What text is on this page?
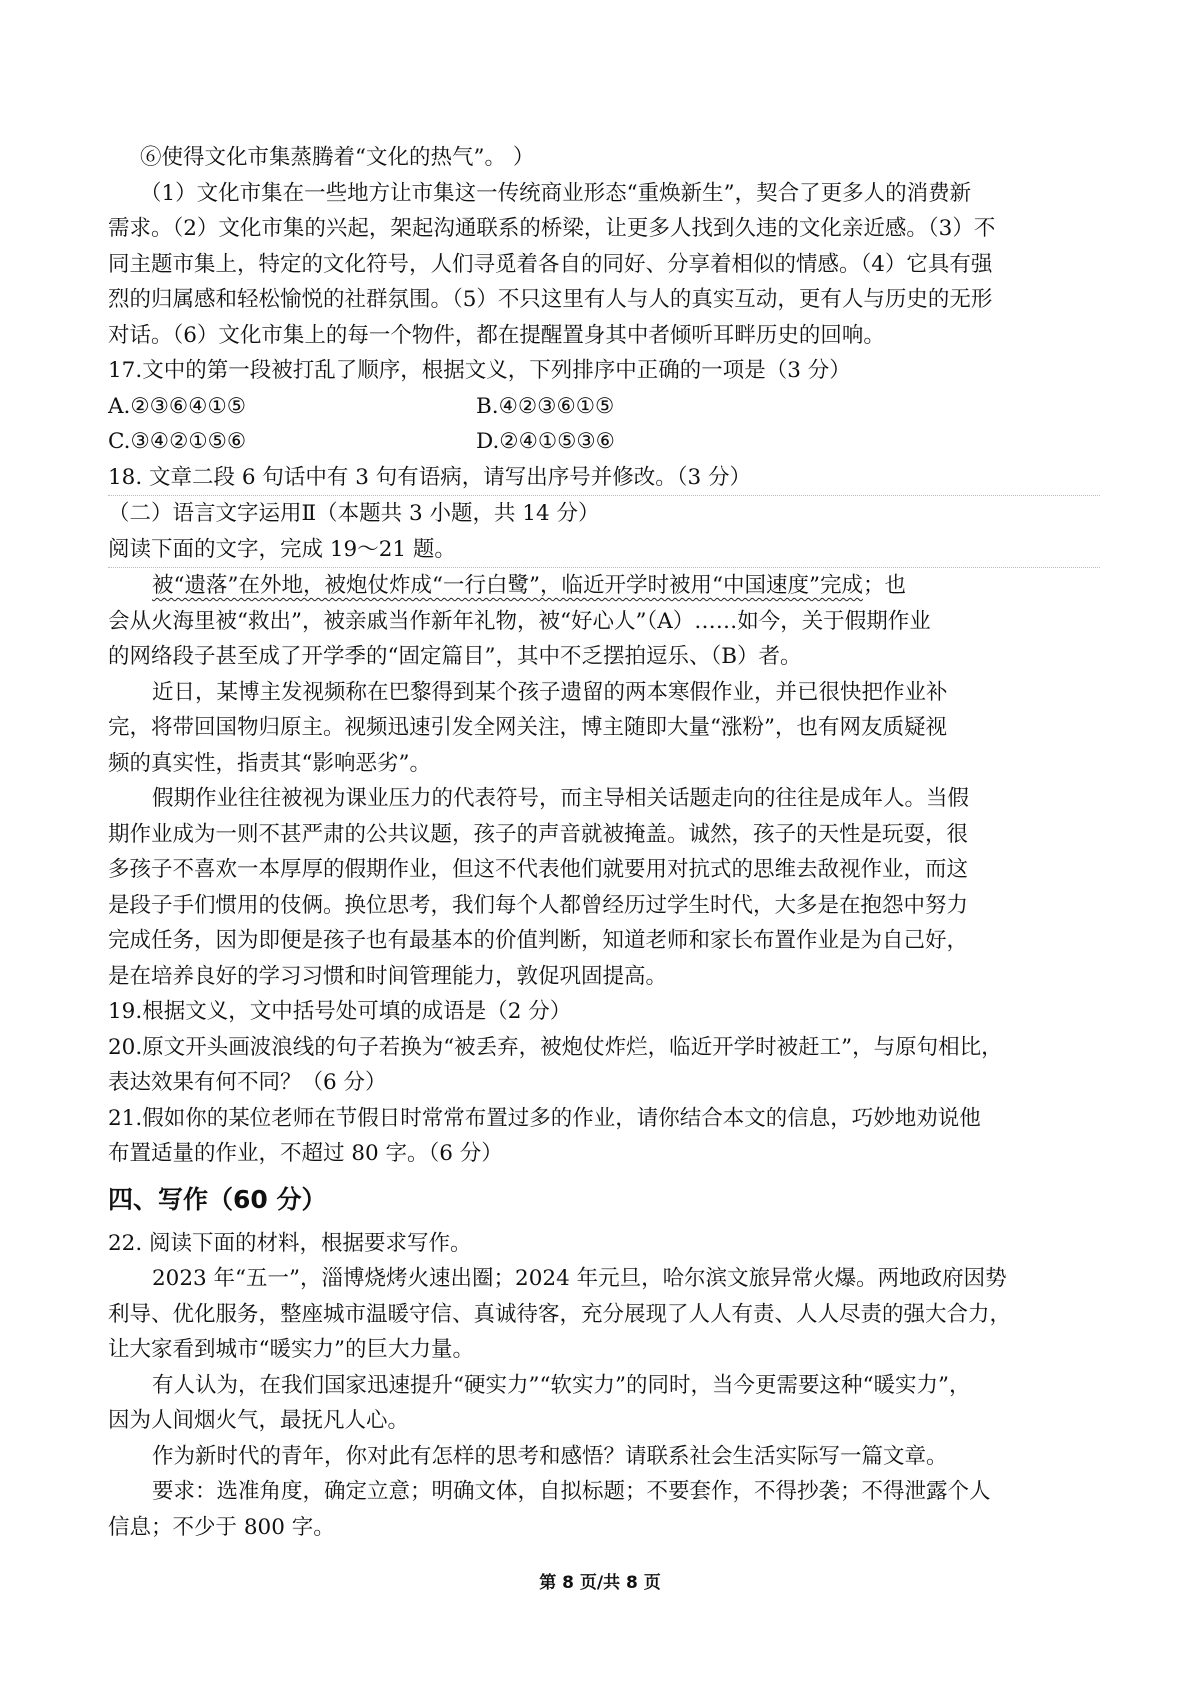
⑥使得文化市集蒸腾着“文化的热气”。 ）

（1）文化市集在一些地方让市集这一传统商业形态“重焕新生”，契合了更多人的消费新

需求。（2）文化市集的兴起，架起沟通联系的桥梁，让更多人找到久违的文化亲近感。（3）不

同主题市集上，特定的文化符号，人们寻觅着各自的同好、分享着相似的情感。（4）它具有强

烈的归属感和轻松愉悦的社群氛围。（5）不只这里有人与人的真实互动，更有人与历史的无形

对话。（6）文化市集上的每一个物件，都在提醒置身其中者倾听耳畔历史的回响。

17.文中的第一段被打乱了顺序，根据文义，下列排序中正确的一项是（3 分）

A.②③⑥④①⑤	B.④②③⑥①⑤
C.③④②①⑤⑥	D.②④①⑤③⑥

18. 文章二段 6 句话中有 3 句有语病，请写出序号并修改。（3 分）

（二）语言文字运用Ⅱ（本题共 3 小题，共 14 分）

阅读下面的文字，完成 19～21 题。

被“遗落”在外地，被炮仗炸成“一行白鹭”，临近开学时被用“中国速度”完成；也

会从火海里被“救出”，被亲戚当作新年礼物，被“好心人”（A）……如今，关于假期作业

的网络段子甚至成了开学季的“固定篇目”，其中不乏摆拍逗乐、（B）者。

近日，某博主发视频称在巴黎得到某个孩子遗留的两本寒假作业，并已很快把作业补

完，将带回国物归原主。视频迅速引发全网关注，博主随即大量“涨粉”，也有网友质疑视

频的真实性，指责其“影响恶劣”。

假期作业往往被视为课业压力的代表符号，而主导相关话题走向的往往是成年人。当假

期作业成为一则不甚严肃的公共议题，孩子的声音就被掩盖。诚然，孩子的天性是玩耍，很

多孩子不喜欢一本厚厚的假期作业，但这不代表他们就要用对抗式的思维去敌视作业，而这

是段子手们惯用的伎俩。换位思考，我们每个人都曾经历过学生时代，大多是在抱怨中努力

完成任务，因为即便是孩子也有最基本的价值判断，知道老师和家长布置作业是为自己好，

是在培养良好的学习习惯和时间管理能力，敦促巩固提高。

19.根据文义，文中括号处可填的成语是（2 分）

20.原文开头画波浪线的句子若换为“被丢弃，被炮仗炸烂，临近开学时被赶工”，与原句相比，

表达效果有何不同？（6 分）

21.假如你的某位老师在节假日时常常布置过多的作业，请你结合本文的信息，巧妙地劝说他

布置适量的作业，不超过 80 字。（6 分）

四、写作（60 分）

22. 阅读下面的材料，根据要求写作。

2023 年“五一”，淄博烧烤火速出圈；2024 年元旦，哈尔滨文旅异常火爆。两地政府因势

利导、优化服务，整座城市温暖守信、真诚待客，充分展现了人人有责、人人尽责的强大合力，

让大家看到城市“暖实力”的巨大力量。

有人认为，在我们国家迅速提升“硬实力”“软实力”的同时，当今更需要这种“暖实力”，

因为人间烟火气，最抚凡人心。

作为新时代的青年，你对此有怎样的思考和感悟？请联系社会生活实际写一篇文章。

要求：选准角度，确定立意；明确文体，自拟标题；不要套作，不得抄袭；不得泄露个人

信息；不少于 800 字。

第 8 页/共 8 页
